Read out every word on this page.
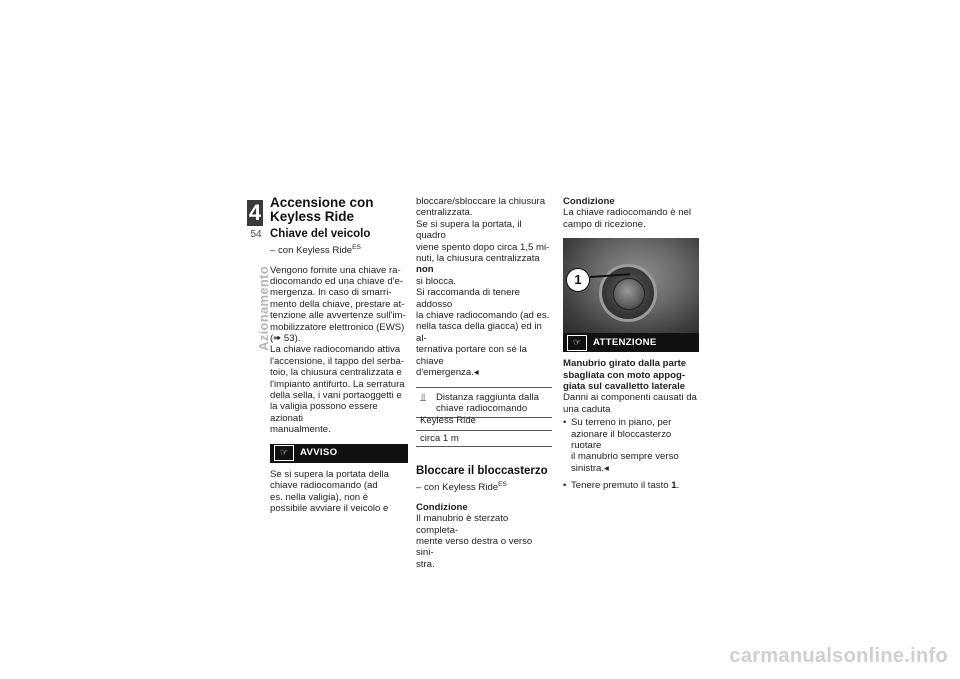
4
54
Azionamento
Accensione con Keyless Ride
Chiave del veicolo

– con Keyless Ride$^{ES}$

Vengono fornite una chiave ra-
diocomando ed una chiave d'e-
mergenza. In caso di smarri-
mento della chiave, prestare at-
tenzione alle avvertenze sull'im-
mobilizzatore elettronico (EWS)
(➠ 53).
La chiave radiocomando attiva
l'accensione, il tappo del serba-
toio, la chiusura centralizzata e
l'impianto antifurto. La serratura
della sella, i vani portaoggetti e
la valigia possono essere azionati
manualmente.
☞	AVVISO
Se si supera la portata della
chiave radiocomando (ad
es. nella valigia), non è
possibile avviare il veicolo e
bloccare/sbloccare la chiusura
centralizzata.
Se si supera la portata, il quadro
viene spento dopo circa 1,5 mi-
nuti, la chiusura centralizzata non
si blocca.
Si raccomanda di tenere addosso
la chiave radiocomando (ad es.
nella tasca della giacca) ed in al-
ternativa portare con sé la chiave
d'emergenza.◂
⫫	Distanza raggiunta dalla
chiave radiocomando
Keyless Ride
circa 1 m
Bloccare il bloccasterzo

– con Keyless Ride$^{ES}$

Condizione
Il manubrio è sterzato completa-
mente verso destra o verso sini-
stra.
Condizione
La chiave radiocomando è nel
campo di ricezione.
1
☞	ATTENZIONE
Manubrio girato dalla parte
sbagliata con moto appog-
giata sul cavalletto laterale
Danni ai componenti causati da
una caduta
• Su terreno in piano, per
azionare il bloccasterzo ruotare
il manubrio sempre verso
sinistra.◂
• Tenere premuto il tasto 1.
carmanualsonline.info
